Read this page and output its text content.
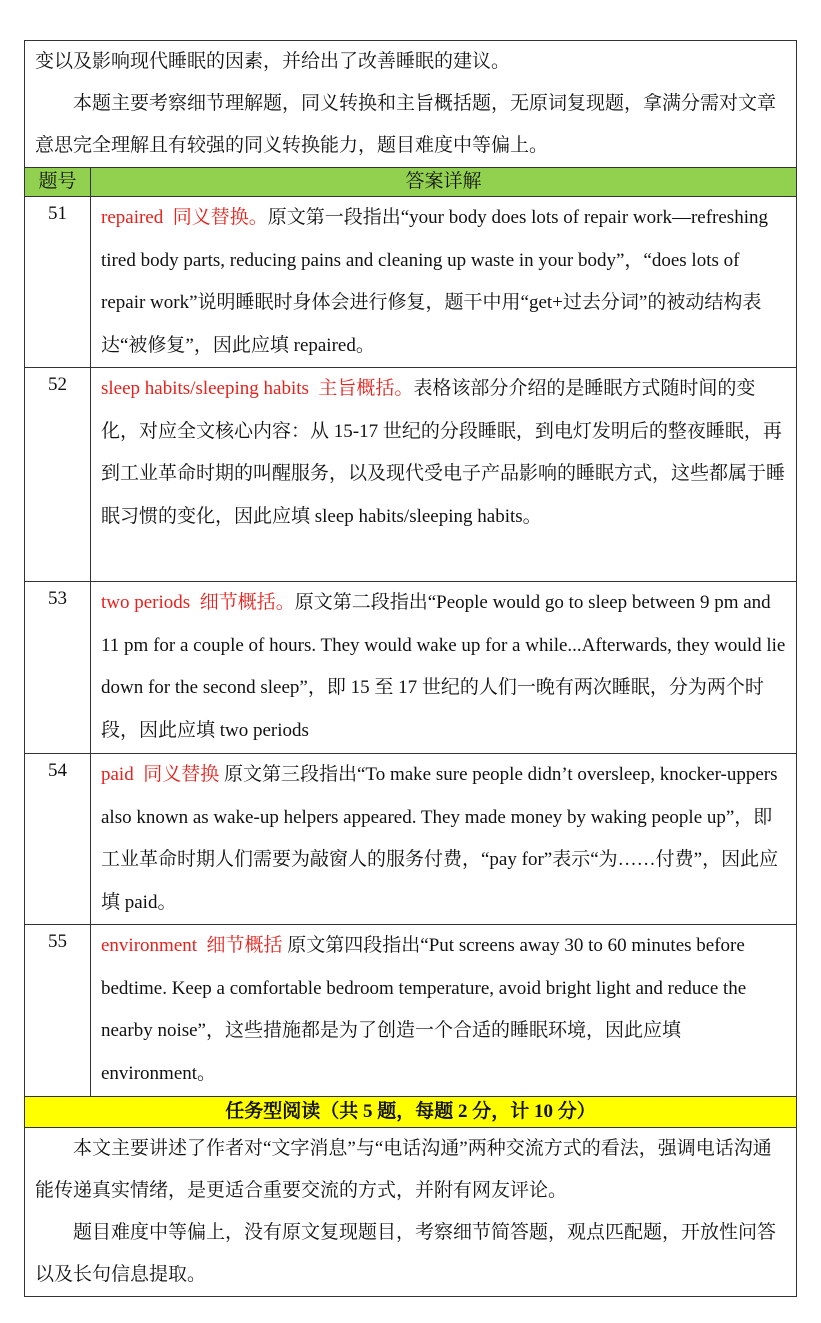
变以及影响现代睡眠的因素，并给出了改善睡眠的建议。
本题主要考察细节理解题，同义转换和主旨概括题，无原词复现题，拿满分需对文章意思完全理解且有较强的同义转换能力，题目难度中等偏上。
题号	答案详解
51	repaired 同义替换。原文第一段指出“your body does lots of repair work—refreshing tired body parts, reducing pains and cleaning up waste in your body”，“does lots of repair work”说明睡眠时身体会进行修复，题干中用“get+过去分词”的被动结构表达“被修复”，因此应填 repaired。
52	sleep habits/sleeping habits 主旨概括。表格该部分介绍的是睡眠方式随时间的变化，对应全文核心内容：从 15-17 世纪的分段睡眠，到电灯发明后的整夜睡眠，再到工业革命时期的叫醒服务，以及现代受电子产品影响的睡眠方式，这些都属于睡眠习惯的变化，因此应填 sleep habits/sleeping habits。
53	two periods 细节概括。原文第二段指出“People would go to sleep between 9 pm and 11 pm for a couple of hours. They would wake up for a while...Afterwards, they would lie down for the second sleep”，即 15 至 17 世纪的人们一晚有两次睡眠，分为两个时段，因此应填 two periods
54	paid 同义替换 原文第三段指出“To make sure people didn’t oversleep, knocker-uppers also known as wake-up helpers appeared. They made money by waking people up”，即工业革命时期人们需要为敲窗人的服务付费，“pay for”表示“为……付费”，因此应填 paid。
55	environment 细节概括 原文第四段指出“Put screens away 30 to 60 minutes before bedtime. Keep a comfortable bedroom temperature, avoid bright light and reduce the nearby noise”，这些措施都是为了创造一个合适的睡眠环境，因此应填 environment。
任务型阅读（共 5 题，每题 2 分，计 10 分）
本文主要讲述了作者对“文字消息”与“电话沟通”两种交流方式的看法，强调电话沟通能传递真实情绪，是更适合重要交流的方式，并附有网友评论。
题目难度中等偏上，没有原文复现题目，考察细节简答题，观点匹配题，开放性问答以及长句信息提取。
